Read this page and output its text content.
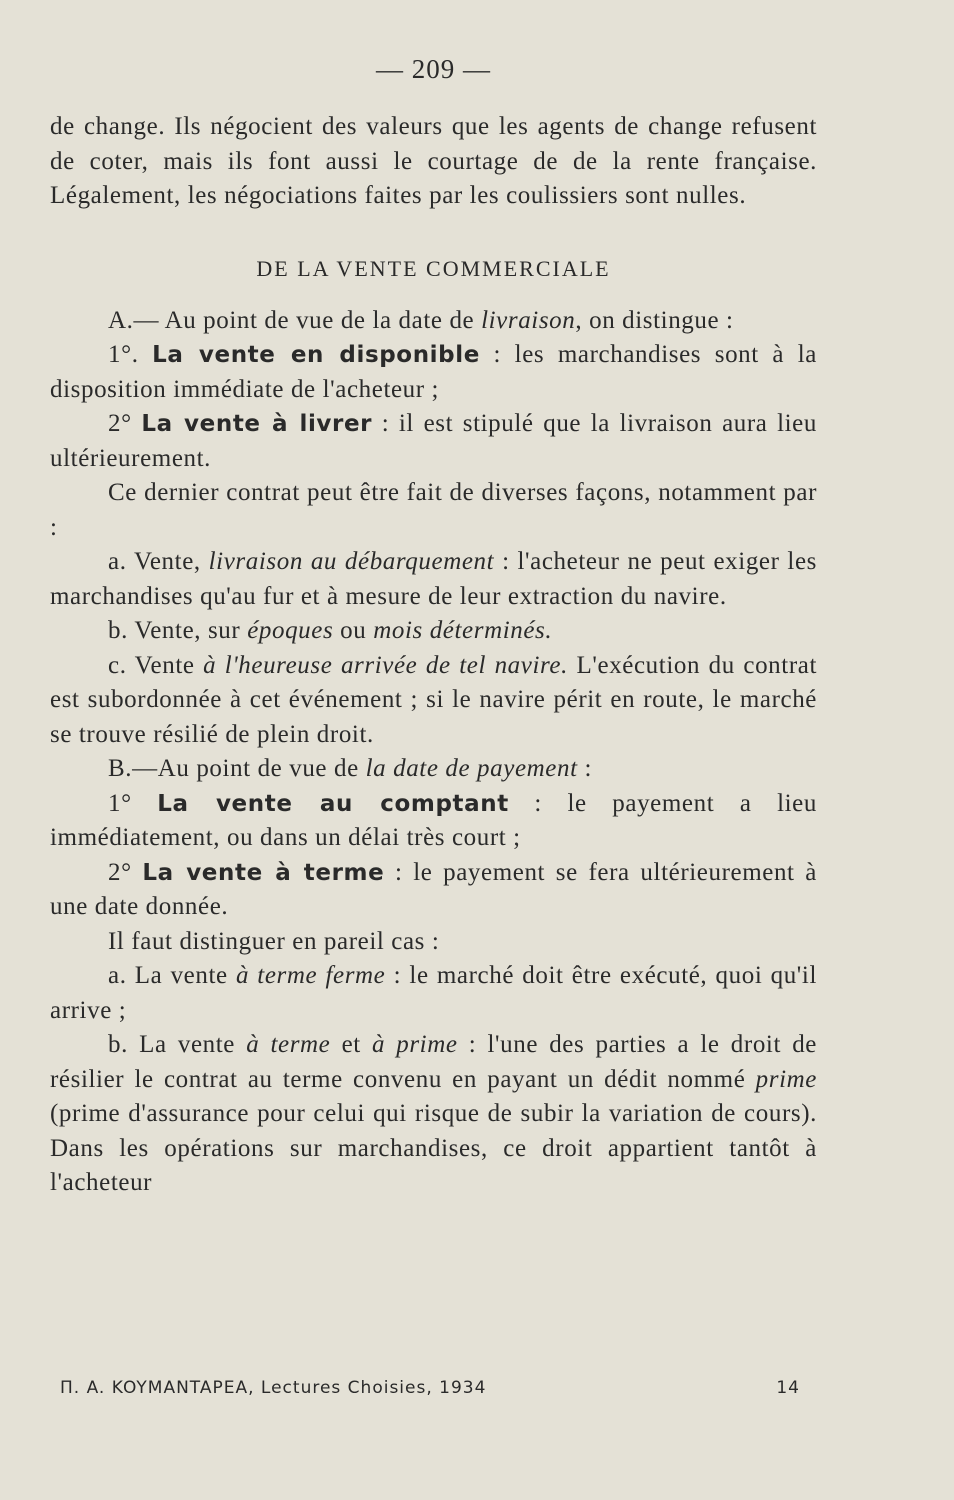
— 209 —

de change. Ils négocient des valeurs que les agents de change refusent de coter, mais ils font aussi le courtage de de la rente française. Légalement, les négociations faites par les coulissiers sont nulles.

DE LA VENTE COMMERCIALE

A.— Au point de vue de la date de livraison, on distingue :

1°. La vente en disponible : les marchandises sont à la disposition immédiate de l'acheteur ;

2° La vente à livrer : il est stipulé que la livraison aura lieu ultérieurement.

Ce dernier contrat peut être fait de diverses façons, notamment par :

a. Vente, livraison au débarquement : l'acheteur ne peut exiger les marchandises qu'au fur et à mesure de leur extraction du navire.

b. Vente, sur époques ou mois déterminés.

c. Vente à l'heureuse arrivée de tel navire. L'exécution du contrat est subordonnée à cet événement ; si le navire périt en route, le marché se trouve résilié de plein droit.

B.—Au point de vue de la date de payement :

1° La vente au comptant : le payement a lieu immédiatement, ou dans un délai très court ;

2° La vente à terme : le payement se fera ultérieurement à une date donnée.

Il faut distinguer en pareil cas :

a. La vente à terme ferme : le marché doit être exécuté, quoi qu'il arrive ;

b. La vente à terme et à prime : l'une des parties a le droit de résilier le contrat au terme convenu en payant un dédit nommé prime (prime d'assurance pour celui qui risque de subir la variation de cours). Dans les opérations sur marchandises, ce droit appartient tantôt à l'acheteur

Π. A. KOYMANTAPEA, Lectures Choisies, 1934	14
